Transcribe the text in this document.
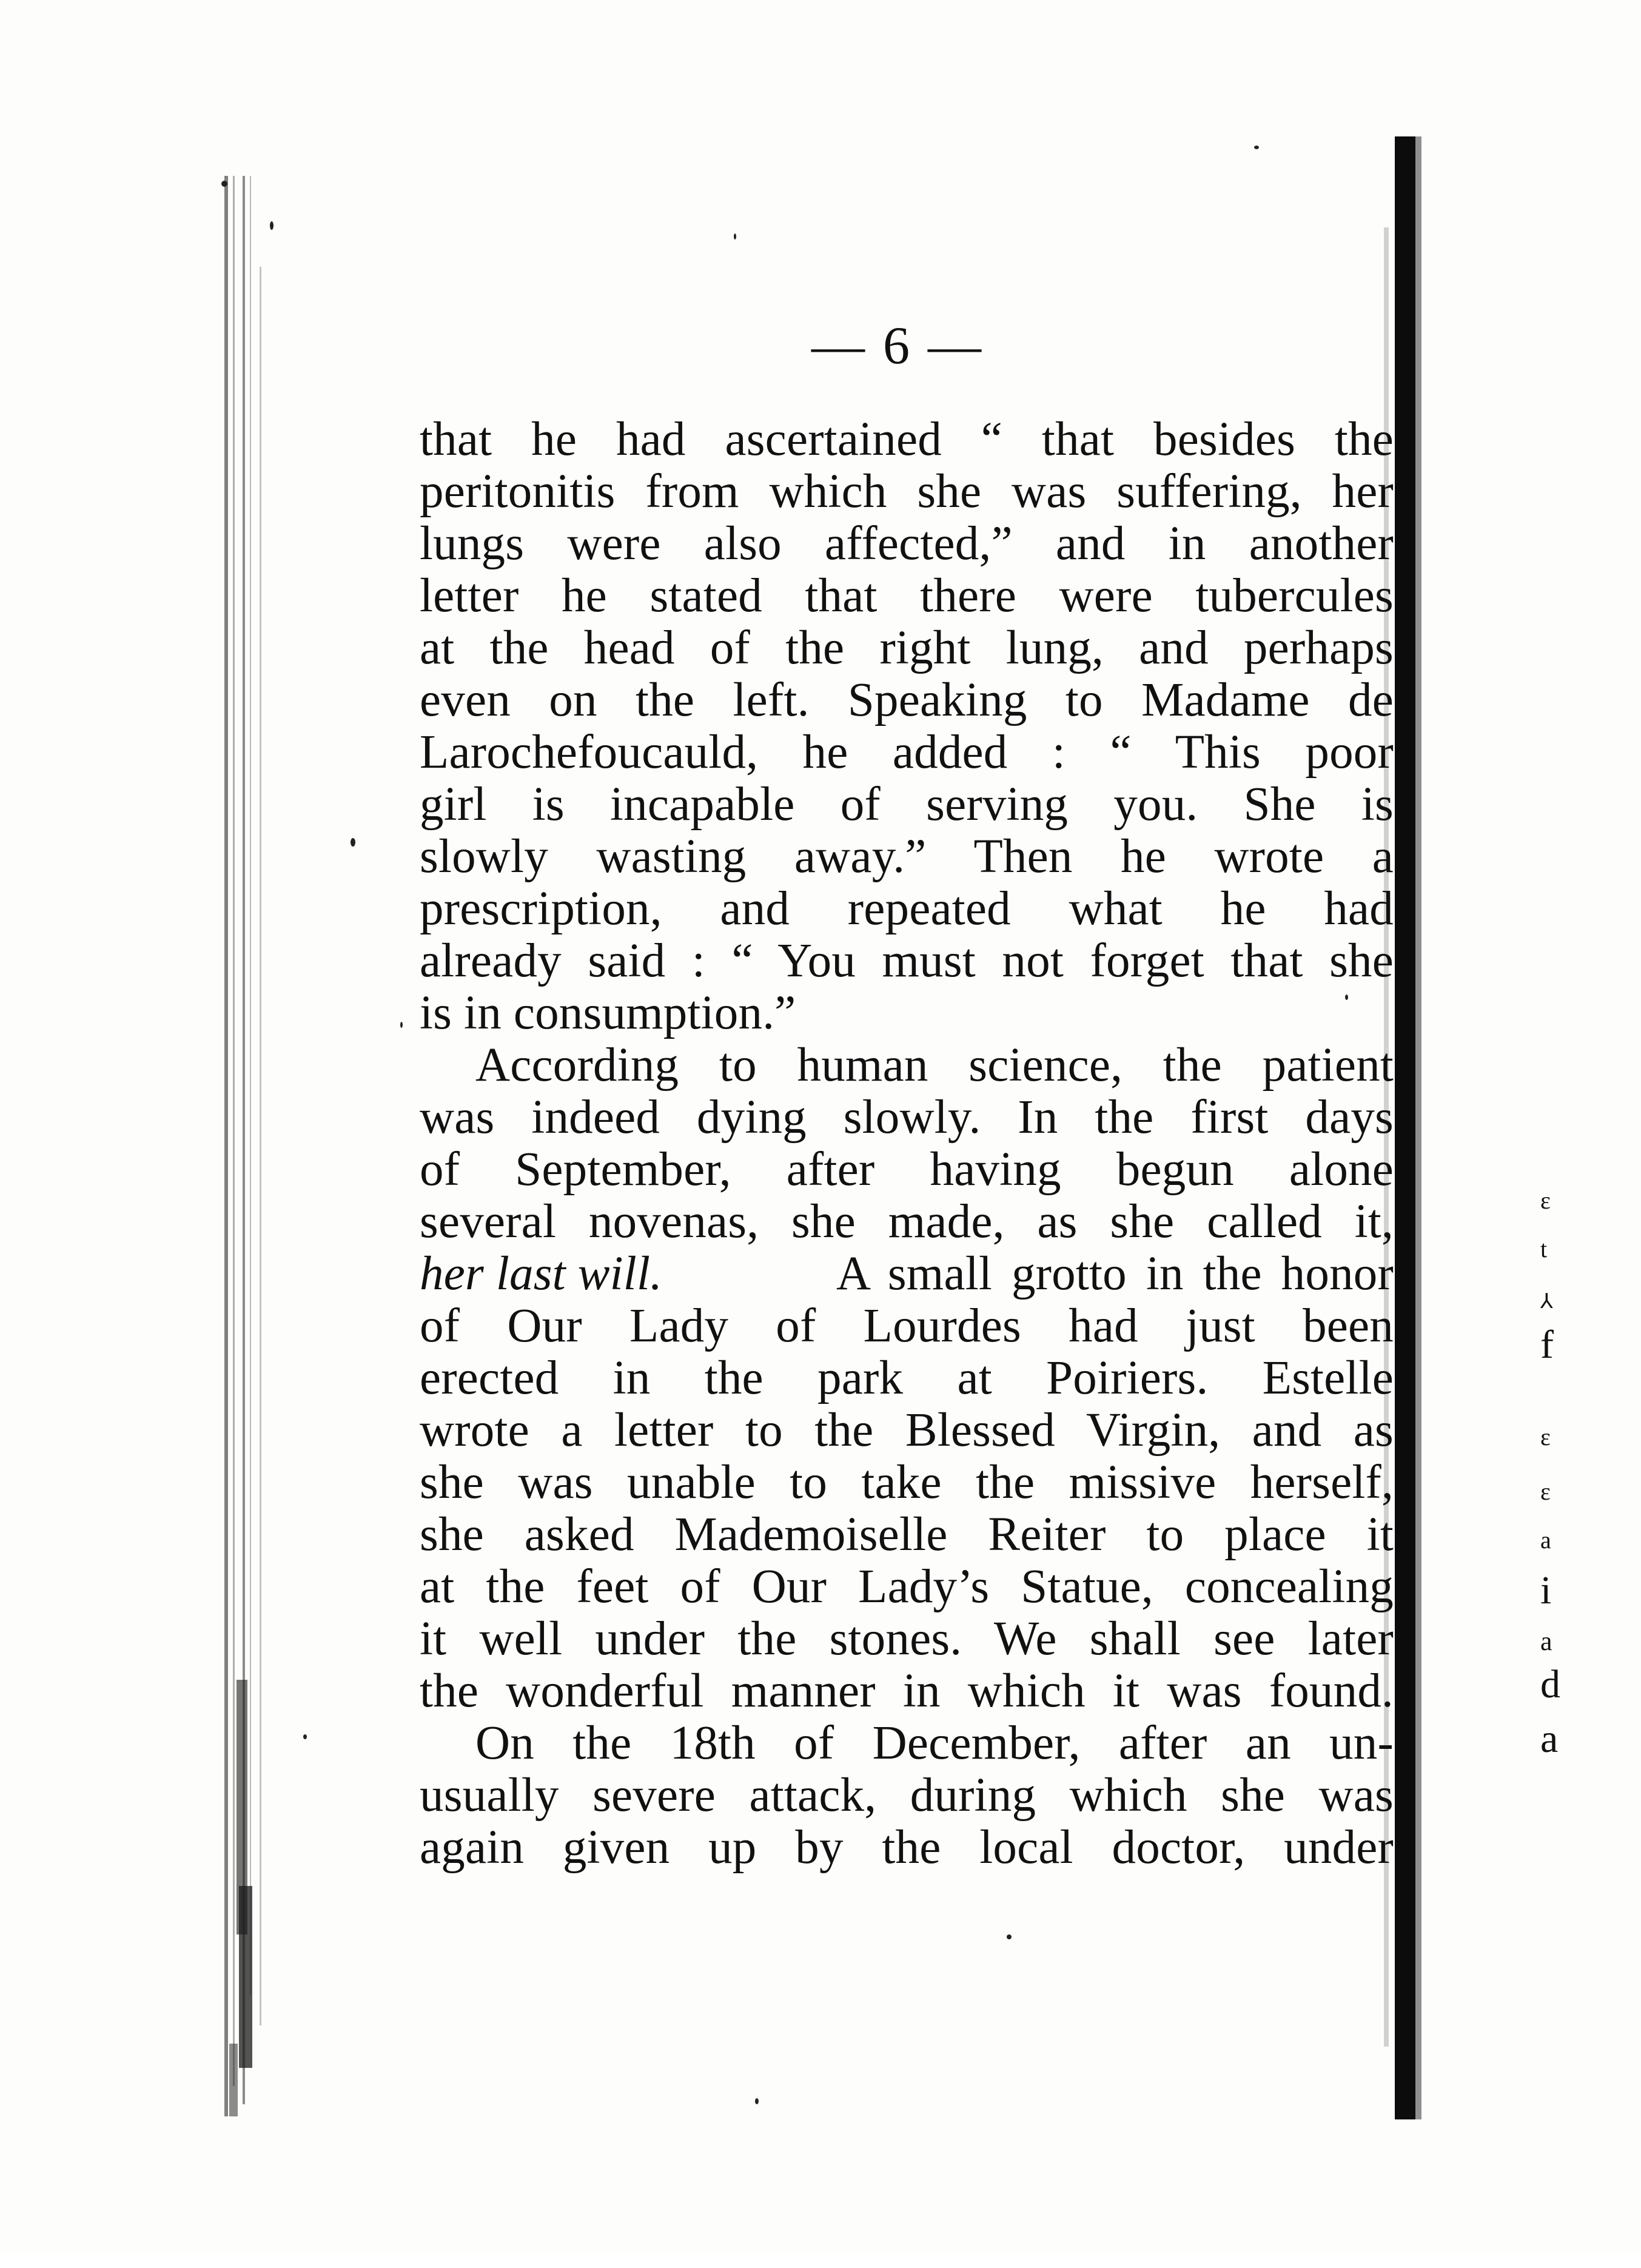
ε
t
⅄
f
ε
ε
a
i
a
d
a
— 6 —
that he had ascertained “ that besides the
peritonitis from which she was suffering, her
lungs were also affected,” and in another
letter he stated that there were tubercules
at the head of the right lung, and perhaps
even on the left. Speaking to Madame de
Larochefoucauld, he added : “ This poor
girl is incapable of serving you. She is
slowly wasting away.” Then he wrote a
prescription, and repeated what he had
already said : “ You must not forget that she
is in consumption.”
According to human science, the patient
was indeed dying slowly. In the first days
of September, after having begun alone
several novenas, she made, as she called it,
her last will.	A small grotto in the honor
of Our Lady of Lourdes had just been
erected in the park at Poiriers. Estelle
wrote a letter to the Blessed Virgin, and as
she was unable to take the missive herself,
she asked Mademoiselle Reiter to place it
at the feet of Our Lady’s Statue, concealing
it well under the stones. We shall see later
the wonderful manner in which it was found.
On the 18th of December, after an un-
usually severe attack, during which she was
again given up by the local doctor, under
